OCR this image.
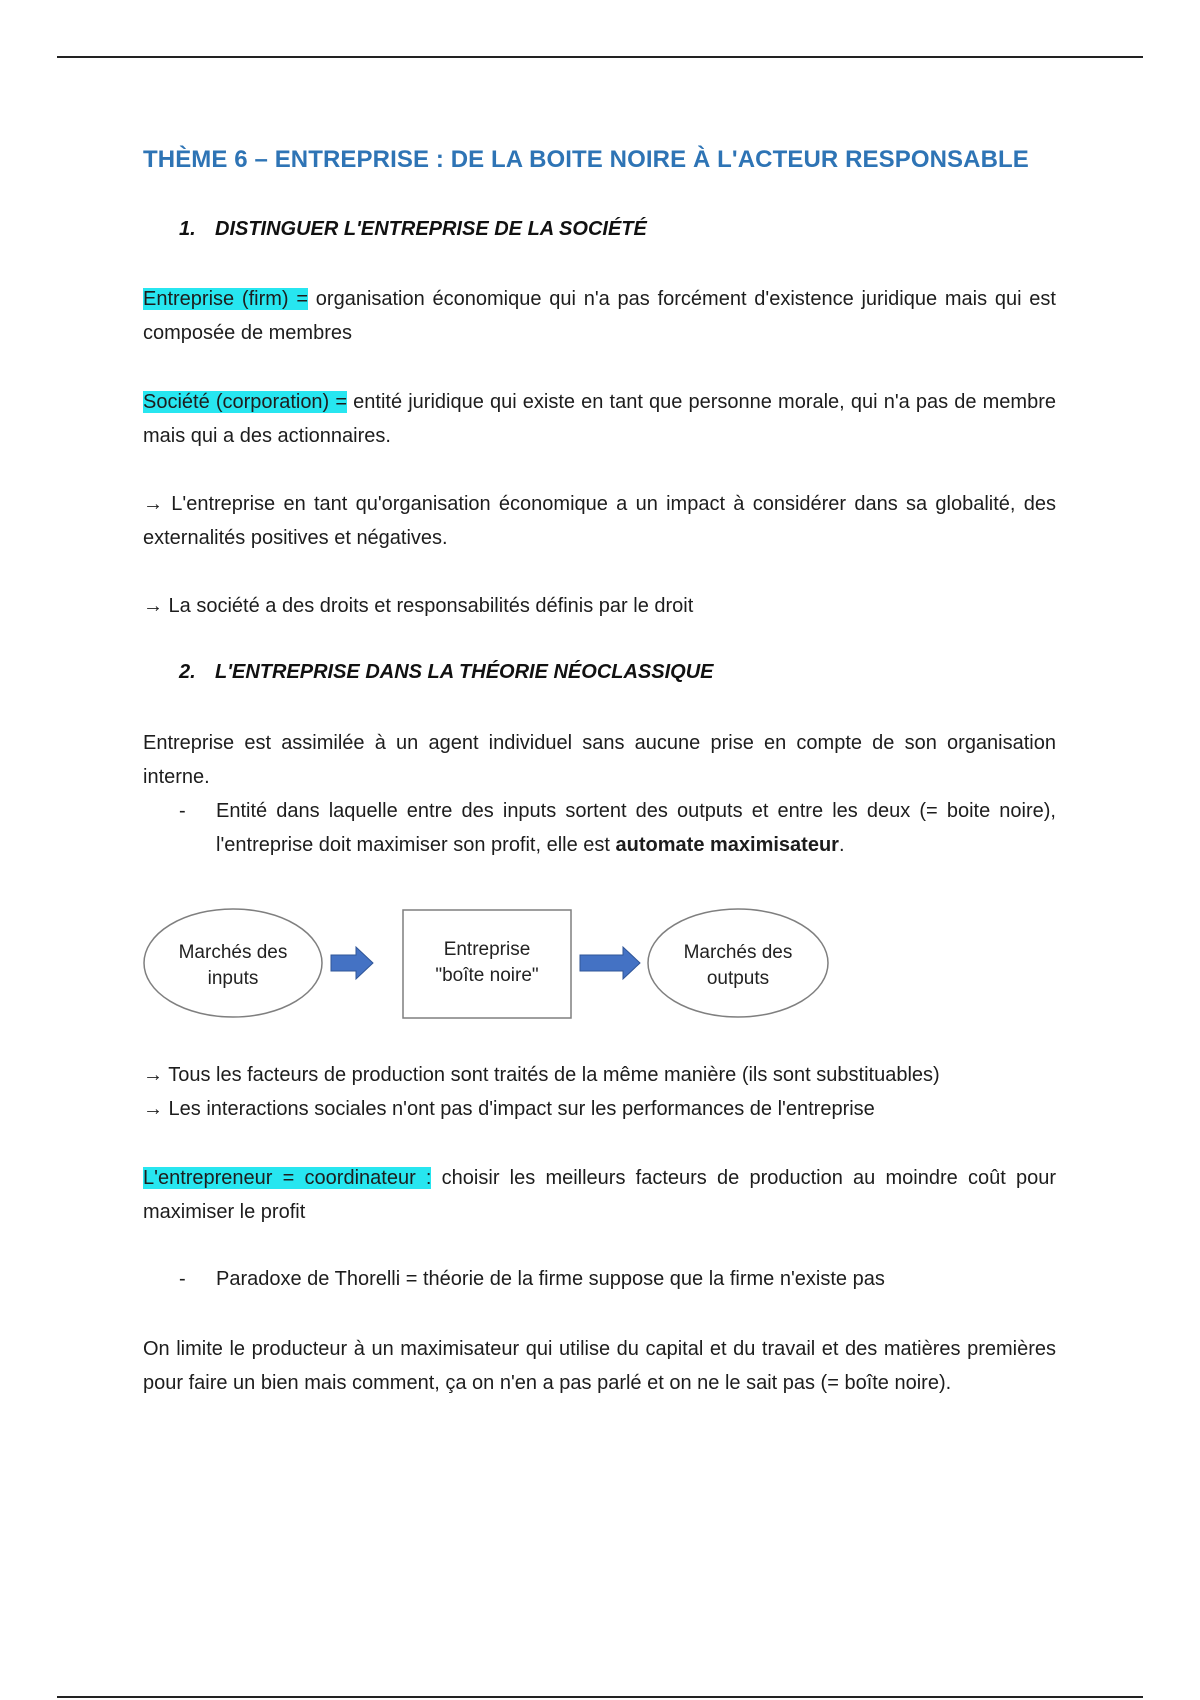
THÈME 6 – ENTREPRISE : DE LA BOITE NOIRE À L'ACTEUR RESPONSABLE
1. DISTINGUER L'ENTREPRISE DE LA SOCIÉTÉ

Entreprise (firm) = organisation économique qui n'a pas forcément d'existence juridique mais qui est composée de membres

Société (corporation) = entité juridique qui existe en tant que personne morale, qui n'a pas de membre mais qui a des actionnaires.

→ L'entreprise en tant qu'organisation économique a un impact à considérer dans sa globalité, des externalités positives et négatives.

→ La société a des droits et responsabilités définis par le droit

2. L'ENTREPRISE DANS LA THÉORIE NÉOCLASSIQUE

Entreprise est assimilée à un agent individuel sans aucune prise en compte de son organisation interne.

- Entité dans laquelle entre des inputs sortent des outputs et entre les deux (= boite noire), l'entreprise doit maximiser son profit, elle est automate maximisateur.
Marchés des
inputs
Entreprise
"boîte noire"
Marchés des
outputs
→ Tous les facteurs de production sont traités de la même manière (ils sont substituables)
→ Les interactions sociales n'ont pas d'impact sur les performances de l'entreprise

L'entrepreneur = coordinateur : choisir les meilleurs facteurs de production au moindre coût pour maximiser le profit

- Paradoxe de Thorelli = théorie de la firme suppose que la firme n'existe pas

On limite le producteur à un maximisateur qui utilise du capital et du travail et des matières premières pour faire un bien mais comment, ça on n'en a pas parlé et on ne le sait pas (= boîte noire).
